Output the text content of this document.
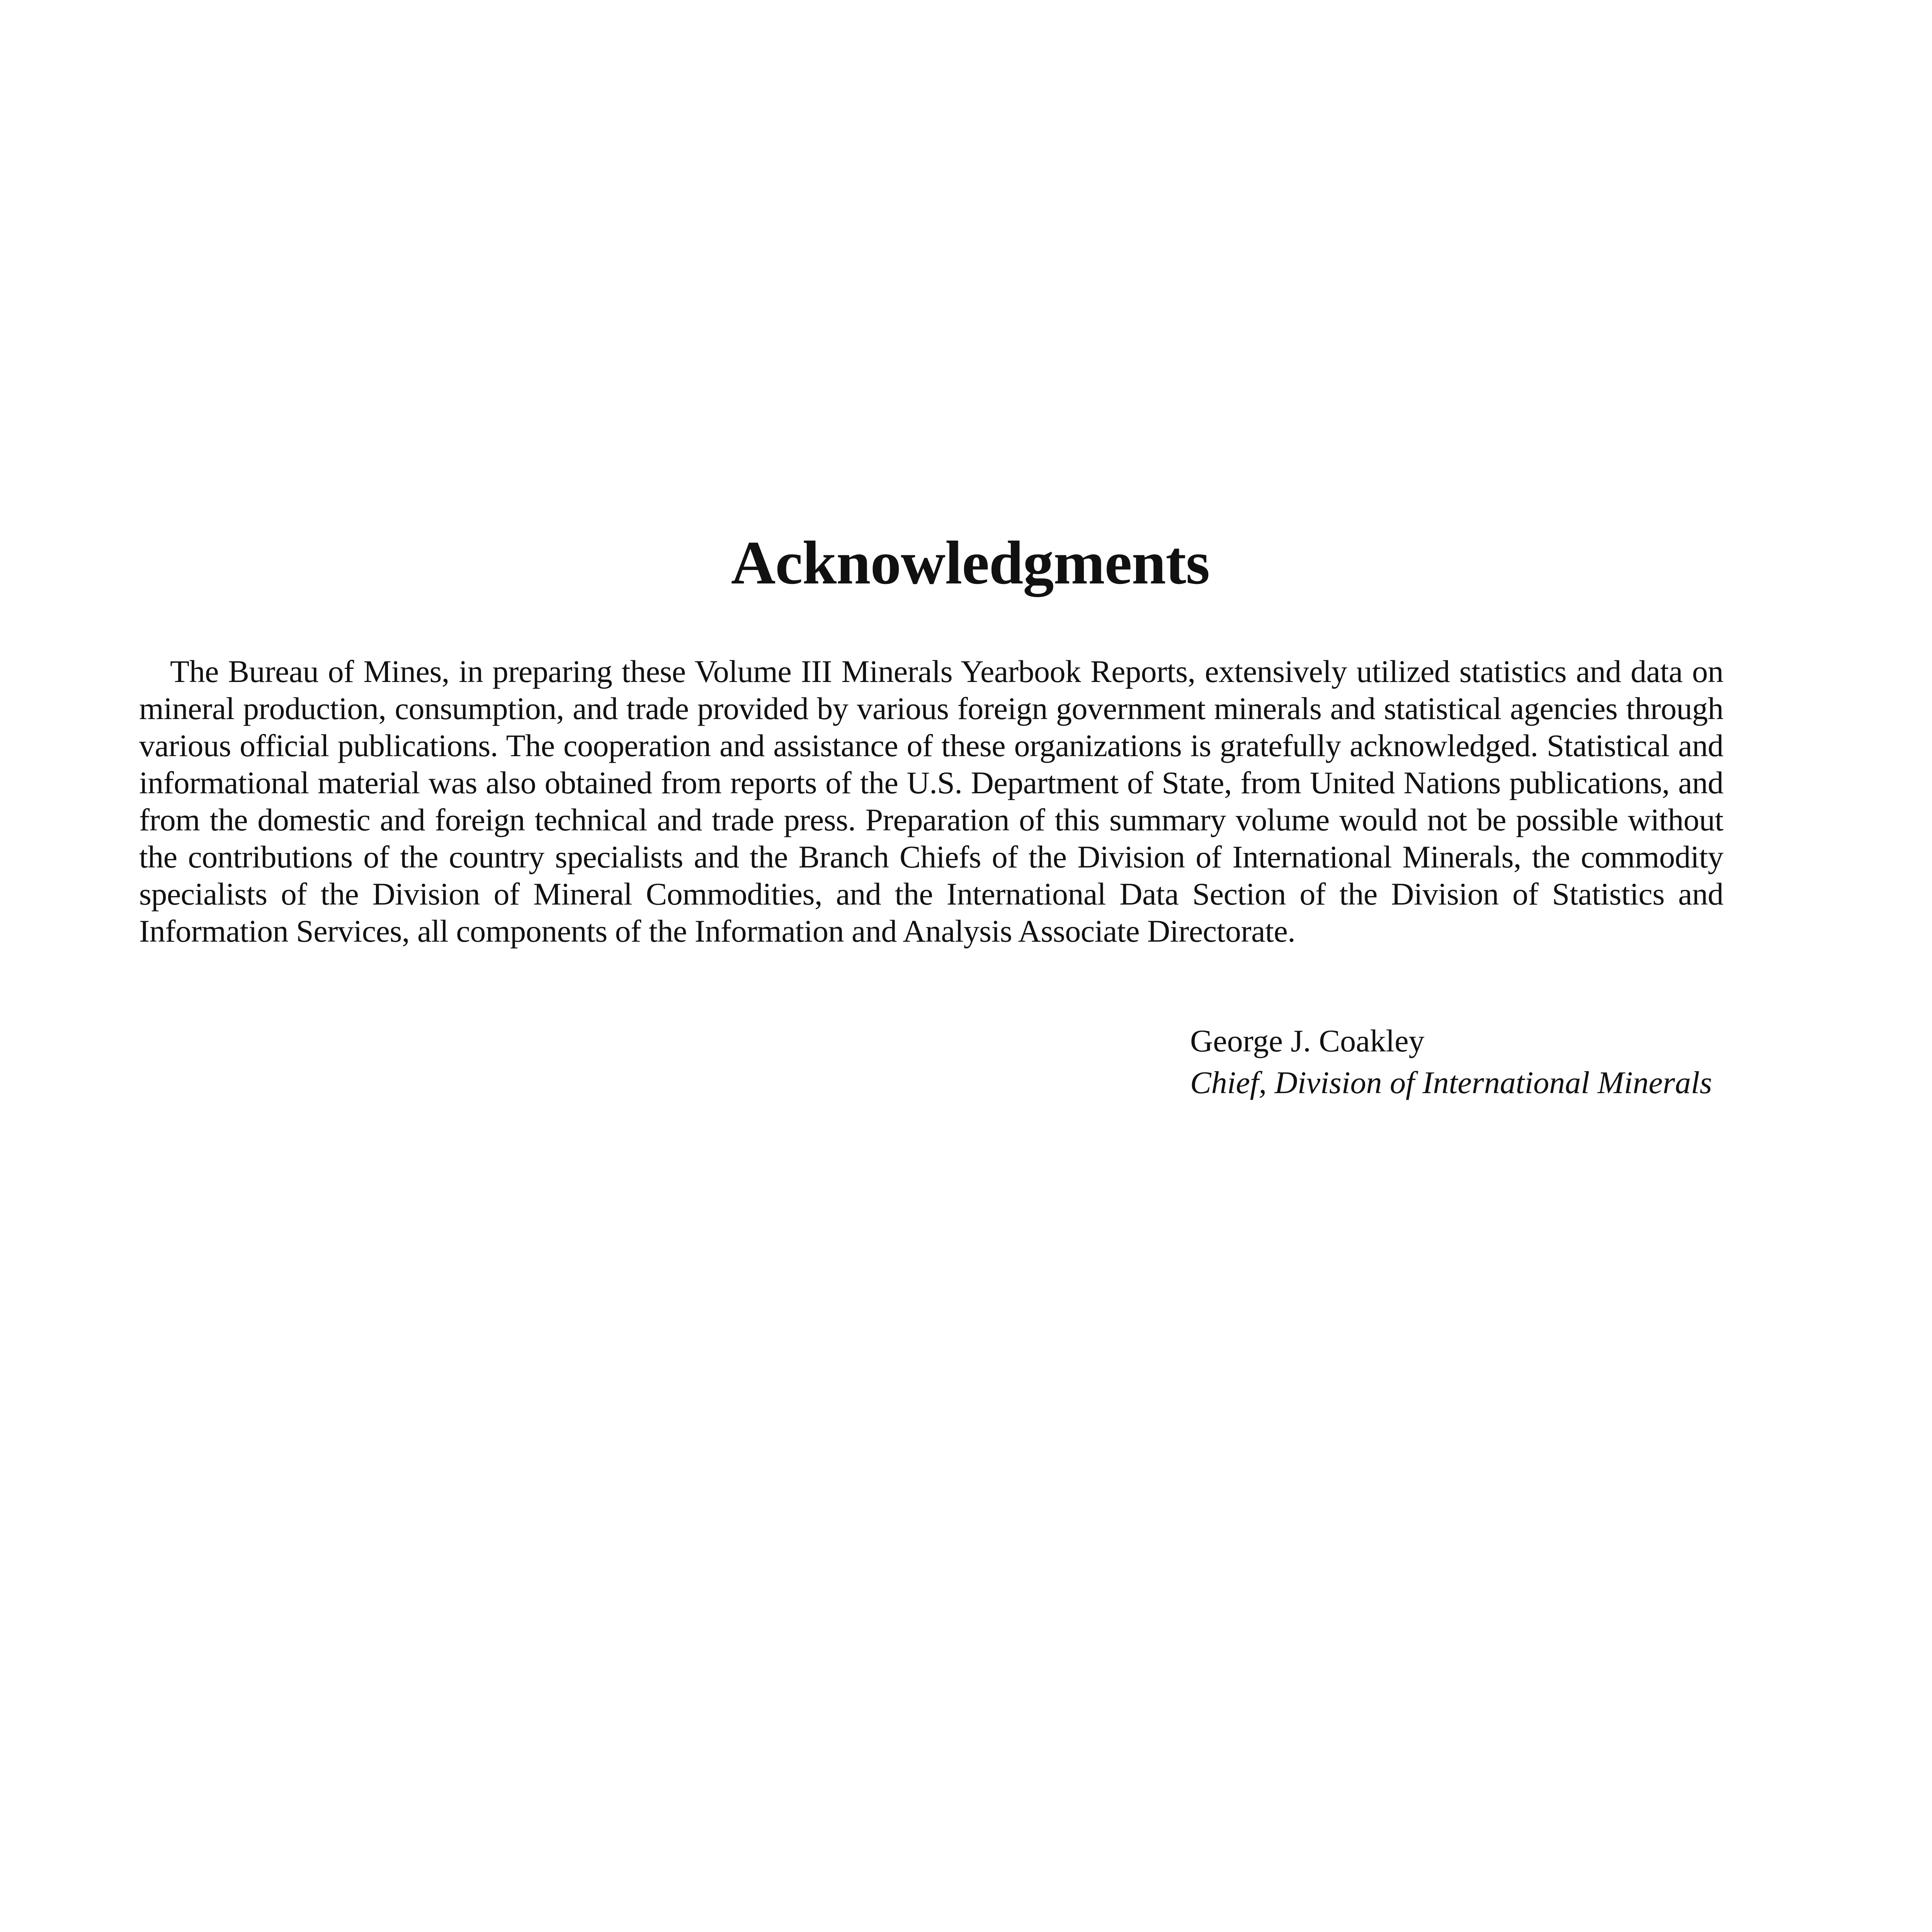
Acknowledgments

The Bureau of Mines, in preparing these Volume III Minerals Yearbook Reports, extensively utilized statistics and data on mineral production, consumption, and trade provided by various foreign government minerals and statistical agencies through various official publications. The cooperation and assistance of these organizations is gratefully acknowledged. Statistical and informational material was also obtained from reports of the U.S. Department of State, from United Nations publications, and from the domestic and foreign technical and trade press. Preparation of this summary volume would not be possible without the contributions of the country specialists and the Branch Chiefs of the Division of International Minerals, the commodity specialists of the Division of Mineral Commodities, and the International Data Section of the Division of Statistics and Information Services, all components of the Information and Analysis Associate Directorate.

George J. Coakley
Chief, Division of International Minerals
